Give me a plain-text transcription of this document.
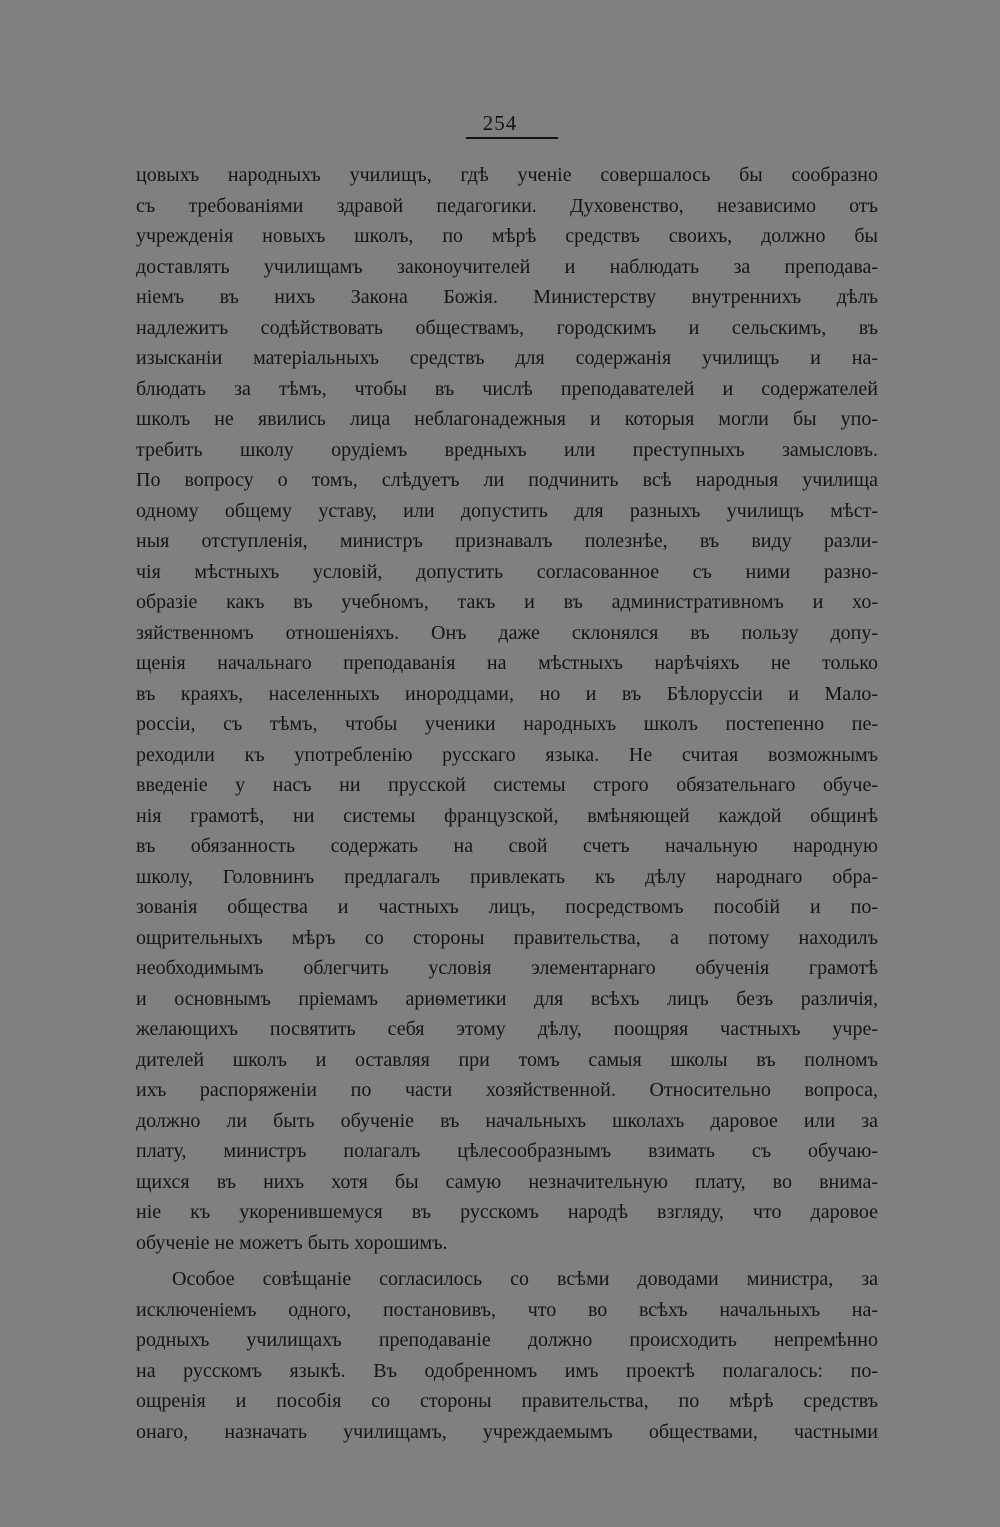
254
цовыхъ народныхъ училищъ, гдѣ ученіе совершалось бы сообразно
съ требованіями здравой педагогики. Духовенство, независимо отъ
учрежденія новыхъ школъ, по мѣрѣ средствъ своихъ, должно бы
доставлять училищамъ законоучителей и наблюдать за преподава-
ніемъ въ нихъ Закона Божія. Министерству внутреннихъ дѣлъ
надлежитъ содѣйствовать обществамъ, городскимъ и сельскимъ, въ
изысканіи матеріальныхъ средствъ для содержанія училищъ и на-
блюдать за тѣмъ, чтобы въ числѣ преподавателей и содержателей
школъ не явились лица неблагонадежныя и которыя могли бы упо-
требить школу орудіемъ вредныхъ или преступныхъ замысловъ.
По вопросу о томъ, слѣдуетъ ли подчинить всѣ народныя училища
одному общему уставу, или допустить для разныхъ училищъ мѣст-
ныя отступленія, министръ признавалъ полезнѣе, въ виду разли-
чія мѣстныхъ условій, допустить согласованное съ ними разно-
образіе какъ въ учебномъ, такъ и въ административномъ и хо-
зяйственномъ отношеніяхъ. Онъ даже склонялся въ пользу допу-
щенія начальнаго преподаванія на мѣстныхъ нарѣчіяхъ не только
въ краяхъ, населенныхъ инородцами, но и въ Бѣлоруссіи и Мало-
россіи, съ тѣмъ, чтобы ученики народныхъ школъ постепенно пе-
реходили къ употребленію русскаго языка. Не считая возможнымъ
введеніе у насъ ни прусской системы строго обязательнаго обуче-
нія грамотѣ, ни системы французской, вмѣняющей каждой общинѣ
въ обязанность содержать на свой счетъ начальную народную
школу, Головнинъ предлагалъ привлекать къ дѣлу народнаго обра-
зованія общества и частныхъ лицъ, посредствомъ пособій и по-
ощрительныхъ мѣръ со стороны правительства, а потому находилъ
необходимымъ облегчить условія элементарнаго обученія грамотѣ
и основнымъ пріемамъ ариѳметики для всѣхъ лицъ безъ различія,
желающихъ посвятить себя этому дѣлу, поощряя частныхъ учре-
дителей школъ и оставляя при томъ самыя школы въ полномъ
ихъ распоряженіи по части хозяйственной. Относительно вопроса,
должно ли быть обученіе въ начальныхъ школахъ даровое или за
плату, министръ полагалъ цѣлесообразнымъ взимать съ обучаю-
щихся въ нихъ хотя бы самую незначительную плату, во внима-
ніе къ укоренившемуся въ русскомъ народѣ взгляду, что даровое
обученіе не можетъ быть хорошимъ.
Особое совѣщаніе согласилось со всѣми доводами министра, за
исключеніемъ одного, постановивъ, что во всѣхъ начальныхъ на-
родныхъ училищахъ преподаваніе должно происходить непремѣнно
на русскомъ языкѣ. Въ одобренномъ имъ проектѣ полагалось: по-
ощренія и пособія со стороны правительства, по мѣрѣ средствъ
онаго, назначать училищамъ, учреждаемымъ обществами, частными
